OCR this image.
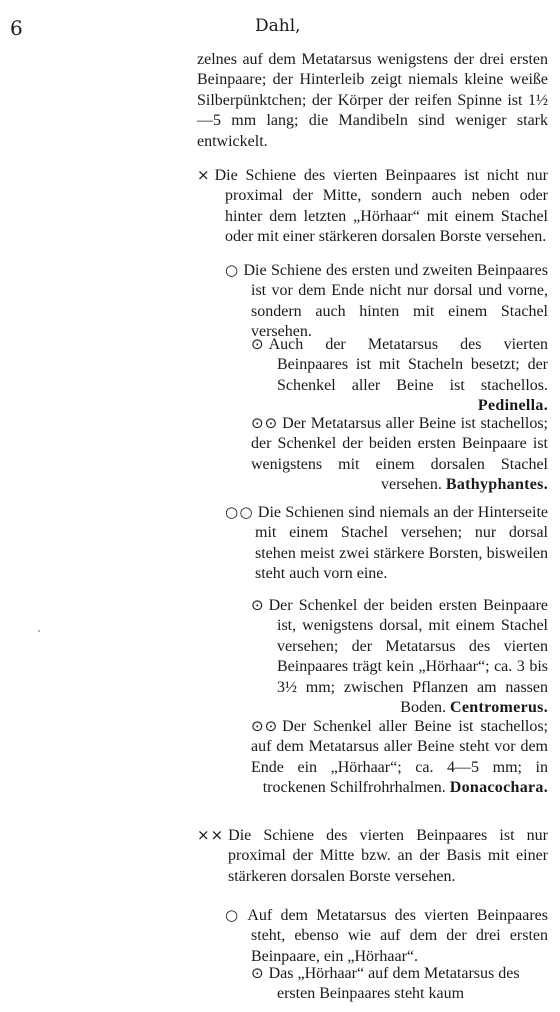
6	Dahl,
zelnes auf dem Metatarsus wenigstens der drei ersten Beinpaare; der Hinterleib zeigt niemals kleine weiße Silberpünktchen; der Körper der reifen Spinne ist 1½—5 mm lang; die Mandibeln sind weniger stark entwickelt.
× Die Schiene des vierten Beinpaares ist nicht nur proximal der Mitte, sondern auch neben oder hinter dem letzten „Hörhaar“ mit einem Stachel oder mit einer stärkeren dorsalen Borste versehen.
○ Die Schiene des ersten und zweiten Beinpaares ist vor dem Ende nicht nur dorsal und vorne, sondern auch hinten mit einem Stachel versehen.
⊙ Auch der Metatarsus des vierten Beinpaares ist mit Stacheln besetzt; der Schenkel aller Beine ist stachellos. Pedinella.
⊙⊙ Der Metatarsus aller Beine ist stachellos; der Schenkel der beiden ersten Beinpaare ist wenigstens mit einem dorsalen Stachel versehen. Bathyphantes.
○○ Die Schienen sind niemals an der Hinterseite mit einem Stachel versehen; nur dorsal stehen meist zwei stärkere Borsten, bisweilen steht auch vorn eine.
⊙ Der Schenkel der beiden ersten Beinpaare ist, wenigstens dorsal, mit einem Stachel versehen; der Metatarsus des vierten Beinpaares trägt kein „Hörhaar“; ca. 3 bis 3½ mm; zwischen Pflanzen am nassen Boden. Centromerus.
⊙⊙ Der Schenkel aller Beine ist stachellos; auf dem Metatarsus aller Beine steht vor dem Ende ein „Hörhaar“; ca. 4—5 mm; in trockenen Schilfrohrhalmen. Donacochara.
×× Die Schiene des vierten Beinpaares ist nur proximal der Mitte bzw. an der Basis mit einer stärkeren dorsalen Borste versehen.
○ Auf dem Metatarsus des vierten Beinpaares steht, ebenso wie auf dem der drei ersten Beinpaare, ein „Hörhaar“.
⊙ Das „Hörhaar“ auf dem Metatarsus des ersten Beinpaares steht kaum
